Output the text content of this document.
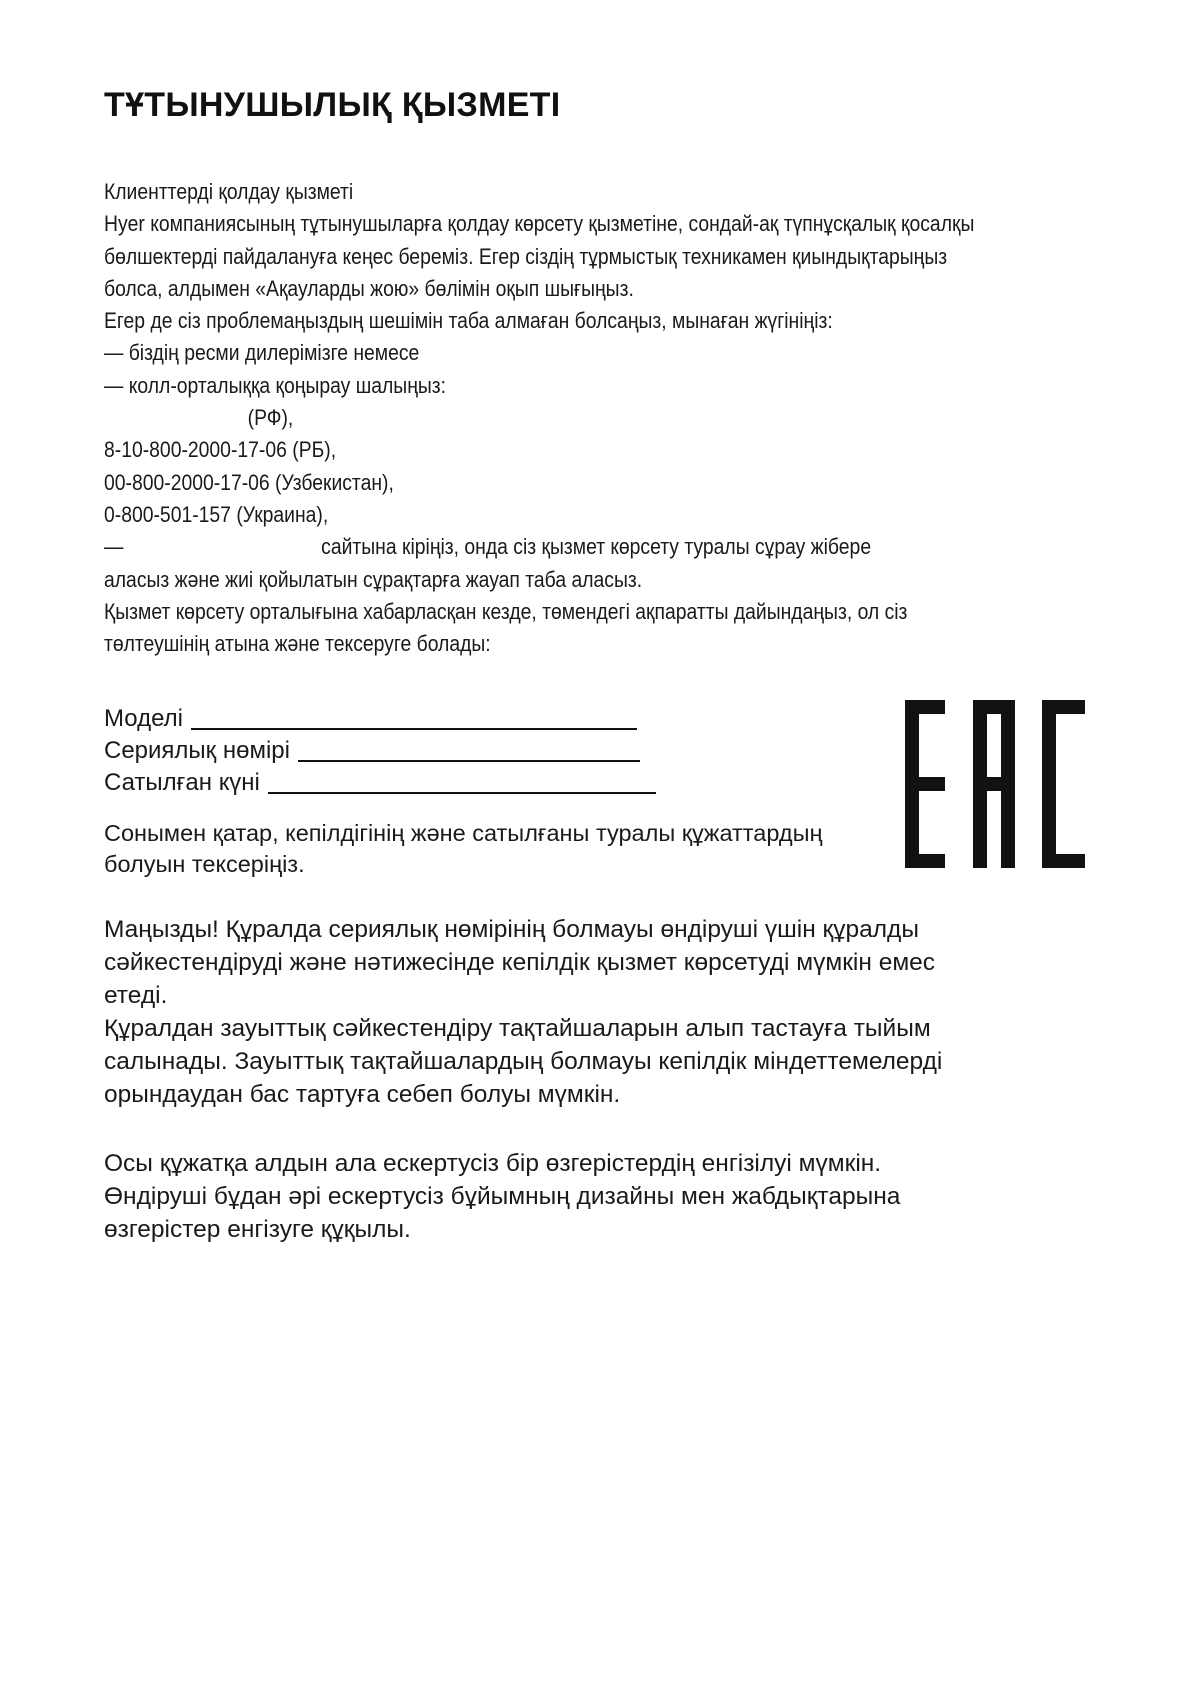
ТҰТЫНУШЫЛЫҚ ҚЫЗМЕТІ
Клиенттерді қолдау қызметі
Hyer компаниясының тұтынушыларға қолдау көрсету қызметіне, сондай-ақ түпнұсқалық қосалқы
бөлшектерді пайдалануға кеңес береміз. Егер сіздің тұрмыстық техникамен қиындықтарыңыз
болса, алдымен «Ақауларды жою» бөлімін оқып шығыңыз.
Егер де сіз проблемаңыздың шешімін таба алмаған болсаңыз, мынаған жүгініңіз:
— біздің ресми дилерімізге немесе
— колл-орталыққа қоңырау шалыңыз:
(РФ),
8-10-800-2000-17-06 (РБ),
00-800-2000-17-06 (Узбекистан),
0-800-501-157 (Украина),
—	сайтына кіріңіз, онда сіз қызмет көрсету туралы сұрау жібере
аласыз және жиі қойылатын сұрақтарға жауап таба аласыз.
Қызмет көрсету орталығына хабарласқан кезде, төмендегі ақпаратты дайындаңыз, ол сіз
төлтеушінің атына және тексеруге болады:
Моделі
Сериялық нөмірі
Сатылған күні
Сонымен қатар, кепілдігінің және сатылғаны туралы құжаттардың
болуын тексеріңіз.
Маңызды! Құралда сериялық нөмірінің болмауы өндіруші үшін құралды
сәйкестендіруді және нәтижесінде кепілдік қызмет көрсетуді мүмкін емес
етеді.
Құралдан зауыттық сәйкестендіру тақтайшаларын алып тастауға тыйым
салынады. Зауыттық тақтайшалардың болмауы кепілдік міндеттемелерді
орындаудан бас тартуға себеп болуы мүмкін.
Осы құжатқа алдын ала ескертусіз бір өзгерістердің енгізілуі мүмкін.
Өндіруші бұдан әрі ескертусіз бұйымның дизайны мен жабдықтарына
өзгерістер енгізуге құқылы.
